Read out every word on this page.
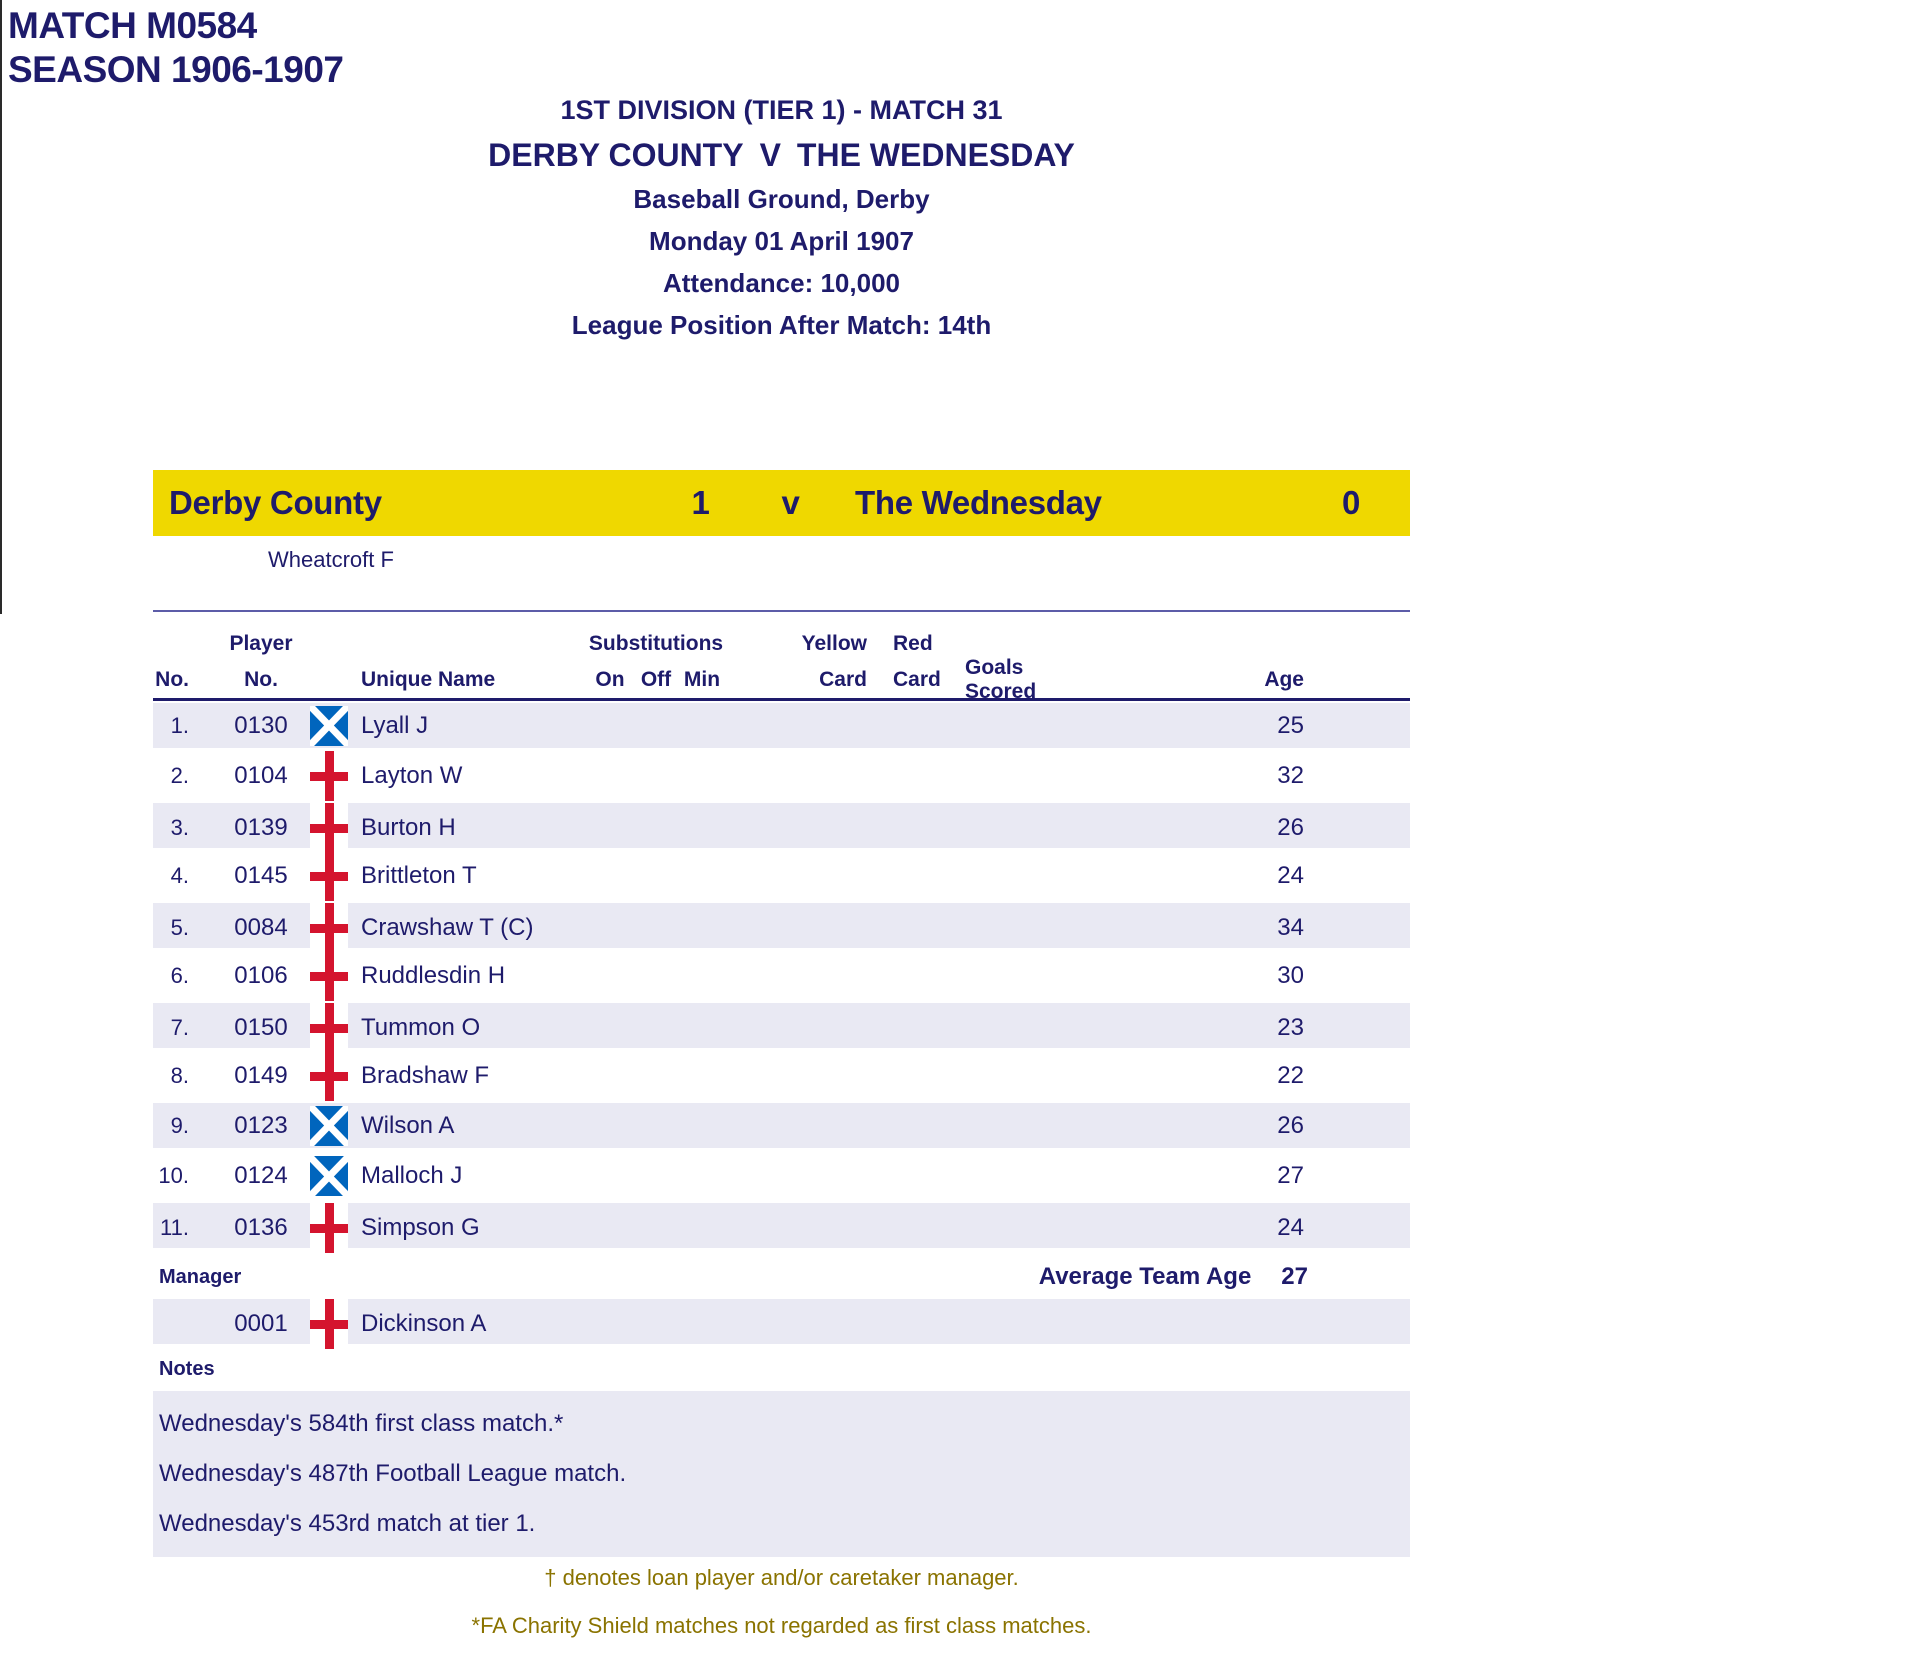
MATCH M0584
SEASON 1906-1907
1ST DIVISION (TIER 1) - MATCH 31
DERBY COUNTY V THE WEDNESDAY
Baseball Ground, Derby
Monday 01 April 1907
Attendance: 10,000
League Position After Match: 14th
Derby County	1	v	The Wednesday	0
Wheatcroft F
Player	Substitutions	Yellow	Red
No.	No.	Unique Name	On Off Min	Card	Card
Goals Scored
Age
1.	0130	Lyall J	25
2.	0104	Layton W	32
3.	0139	Burton H	26
4.	0145	Brittleton T	24
5.	0084	Crawshaw T (C)	34
6.	0106	Ruddlesdin H	30
7.	0150	Tummon O	23
8.	0149	Bradshaw F	22
9.	0123	Wilson A	26
10.	0124	Malloch J	27
11.	0136	Simpson G	24
Manager	Average Team Age 27
0001	Dickinson A
Notes
Wednesday's 584th first class match.*
Wednesday's 487th Football League match.
Wednesday's 453rd match at tier 1.
† denotes loan player and/or caretaker manager.
*FA Charity Shield matches not regarded as first class matches.
